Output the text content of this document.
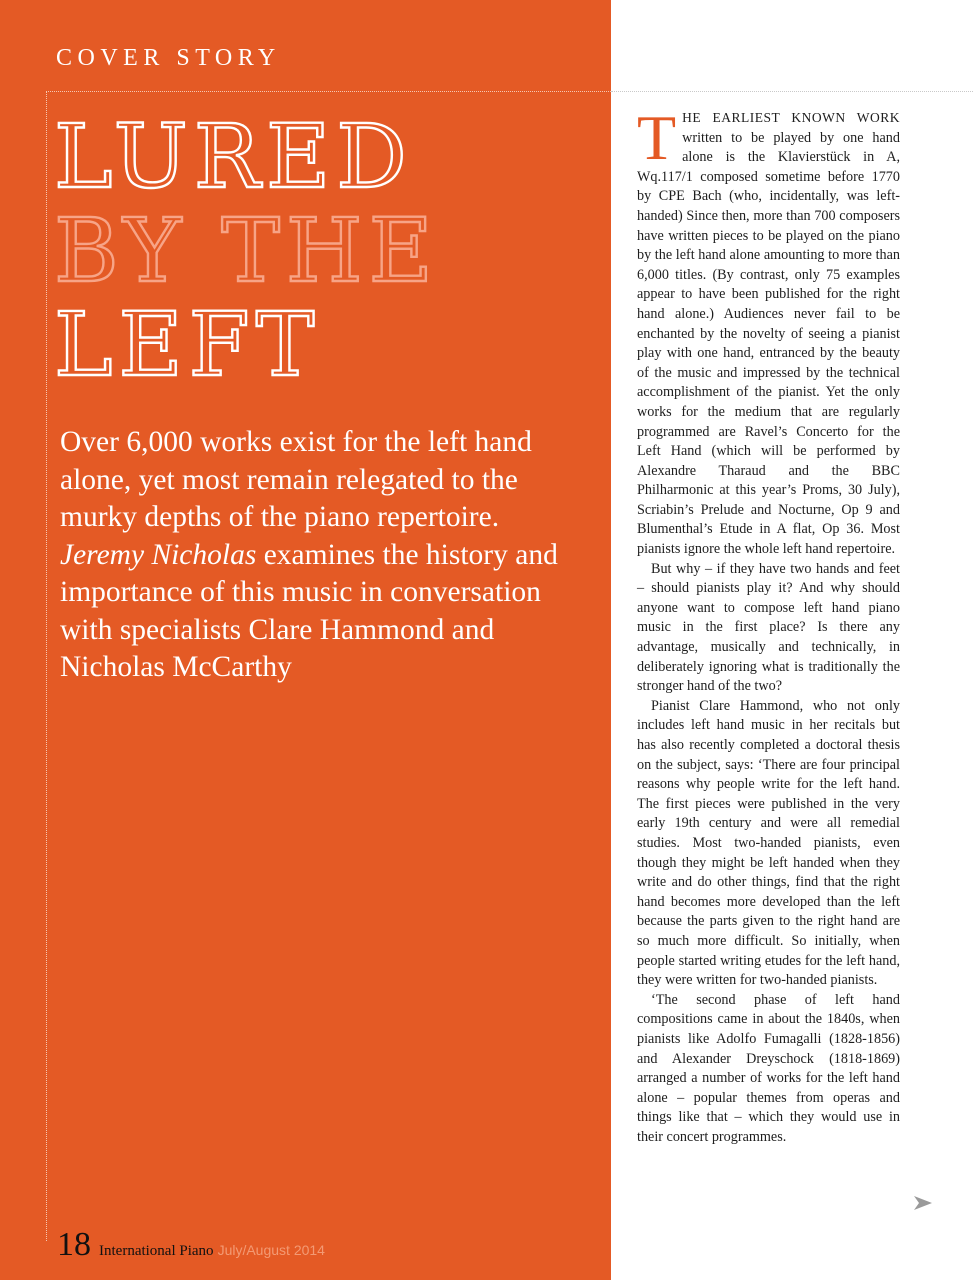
COVER STORY
LURED
BY THE
LEFT

Over 6,000 works exist for the left hand alone, yet most remain relegated to the murky depths of the piano repertoire. Jeremy Nicholas examines the history and importance of this music in conversation with specialists Clare Hammond and Nicholas McCarthy

THE EARLIEST KNOWN WORK written to be played by one hand alone is the Klavierstück in A, Wq.117/1 composed sometime before 1770 by CPE Bach (who, incidentally, was left-handed) Since then, more than 700 composers have written pieces to be played on the piano by the left hand alone amounting to more than 6,000 titles. (By contrast, only 75 examples appear to have been published for the right hand alone.) Audiences never fail to be enchanted by the novelty of seeing a pianist play with one hand, entranced by the beauty of the music and impressed by the technical accomplishment of the pianist. Yet the only works for the medium that are regularly programmed are Ravel’s Concerto for the Left Hand (which will be performed by Alexandre Tharaud and the BBC Philharmonic at this year’s Proms, 30 July), Scriabin’s Prelude and Nocturne, Op 9 and Blumenthal’s Etude in A flat, Op 36. Most pianists ignore the whole left hand repertoire.

But why – if they have two hands and feet – should pianists play it? And why should anyone want to compose left hand piano music in the first place? Is there any advantage, musically and technically, in deliberately ignoring what is traditionally the stronger hand of the two?

Pianist Clare Hammond, who not only includes left hand music in her recitals but has also recently completed a doctoral thesis on the subject, says: ‘There are four principal reasons why people write for the left hand. The first pieces were published in the very early 19th century and were all remedial studies. Most two-handed pianists, even though they might be left handed when they write and do other things, find that the right hand becomes more developed than the left because the parts given to the right hand are so much more difficult. So initially, when people started writing etudes for the left hand, they were written for two-handed pianists.

‘The second phase of left hand compositions came in about the 1840s, when pianists like Adolfo Fumagalli (1828-1856) and Alexander Dreyschock (1818-1869) arranged a number of works for the left hand alone – popular themes from operas and things like that – which they would use in their concert programmes.

18 International Piano July/August 2014
